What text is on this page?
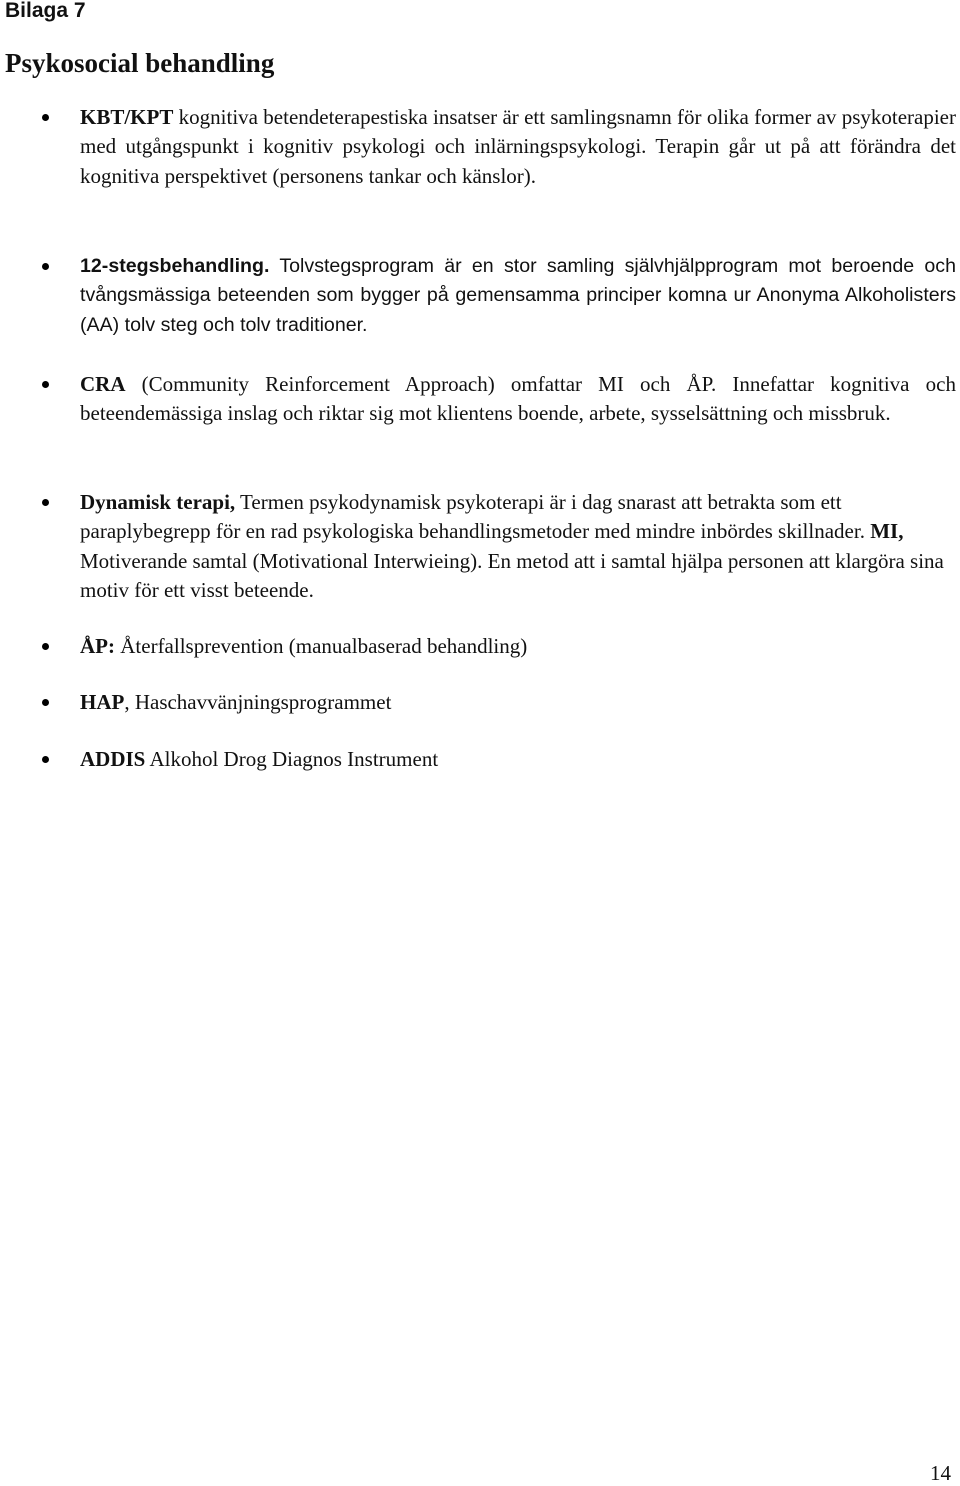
Bilaga 7
Psykosocial behandling
KBT/KPT kognitiva betendeterapestiska insatser är ett samlingsnamn för olika former av psykoterapier med utgångspunkt i kognitiv psykologi och inlärningspsykologi. Terapin går ut på att förändra det kognitiva perspektivet (personens tankar och känslor).
12-stegsbehandling. Tolvstegsprogram är en stor samling självhjälpprogram mot beroende och tvångsmässiga beteenden som bygger på gemensamma principer komna ur Anonyma Alkoholisters (AA) tolv steg och tolv traditioner.
CRA (Community Reinforcement Approach) omfattar MI och ÅP. Innefattar kognitiva och beteendemässiga inslag och riktar sig mot klientens boende, arbete, sysselsättning och missbruk.
Dynamisk terapi, Termen psykodynamisk psykoterapi är i dag snarast att betrakta som ett paraplybegrepp för en rad psykologiska behandlingsmetoder med mindre inbördes skillnader. MI, Motiverande samtal (Motivational Interwieing). En metod att i samtal hjälpa personen att klargöra sina motiv för ett visst beteende.
ÅP: Återfallsprevention (manualbaserad behandling)
HAP, Haschavvänjningsprogrammet
ADDIS Alkohol Drog Diagnos Instrument
14
